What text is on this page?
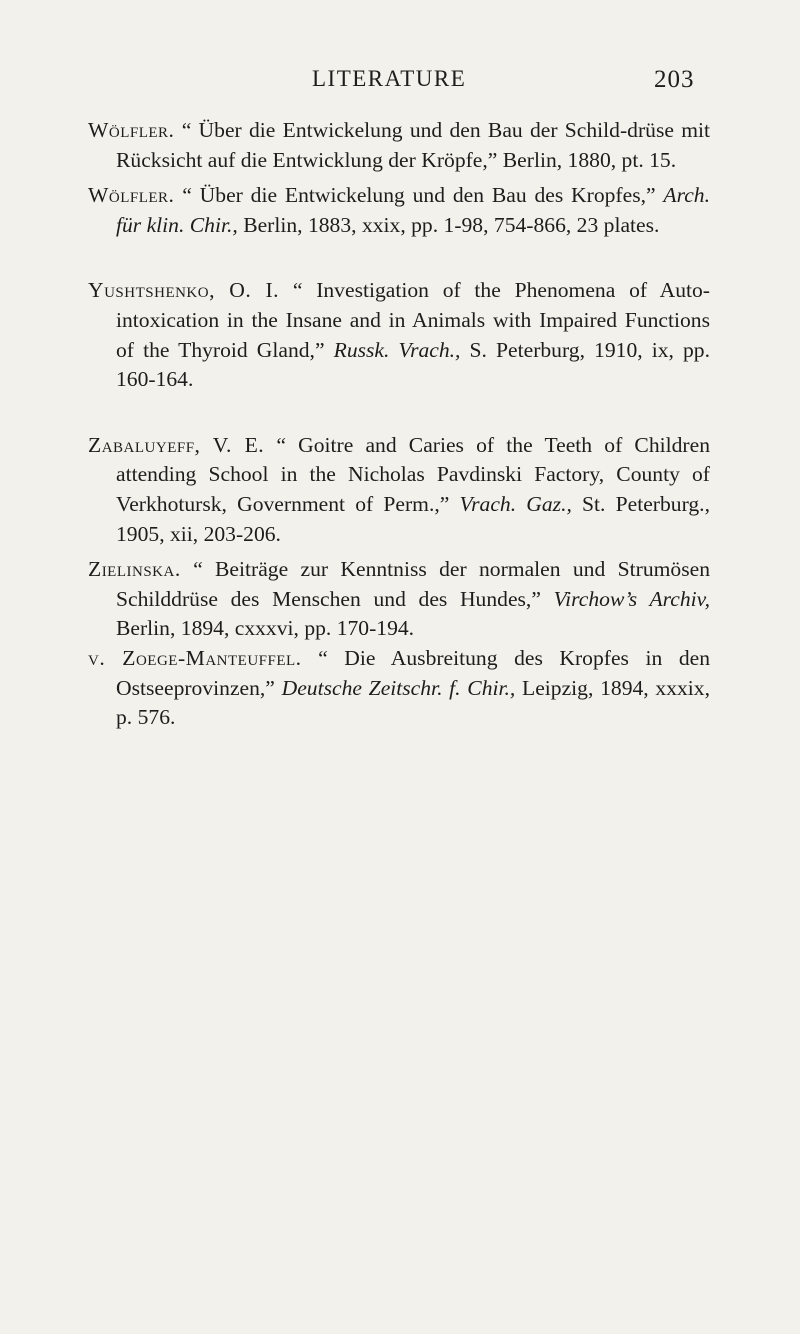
LITERATURE	203

Wölfler. “ Über die Entwickelung und den Bau der Schild-drüse mit Rücksicht auf die Entwicklung der Kröpfe,” Berlin, 1880, pt. 15.

Wölfler. “ Über die Entwickelung und den Bau des Kropfes,” Arch. für klin. Chir., Berlin, 1883, xxix, pp. 1-98, 754-866, 23 plates.

Yushtshenko, O. I. “ Investigation of the Phenomena of Auto-intoxication in the Insane and in Animals with Impaired Functions of the Thyroid Gland,” Russk. Vrach., S. Peterburg, 1910, ix, pp. 160-164.

Zabaluyeff, V. E. “ Goitre and Caries of the Teeth of Children attending School in the Nicholas Pavdinski Factory, County of Verkhotursk, Government of Perm.,” Vrach. Gaz., St. Peterburg., 1905, xii, 203-206.

Zielinska. “ Beiträge zur Kenntniss der normalen und Strumösen Schilddrüse des Menschen und des Hundes,” Virchow’s Archiv, Berlin, 1894, cxxxvi, pp. 170-194.

v. Zoege-Manteuffel. “ Die Ausbreitung des Kropfes in den Ostseeprovinzen,” Deutsche Zeitschr. f. Chir., Leipzig, 1894, xxxix, p. 576.
